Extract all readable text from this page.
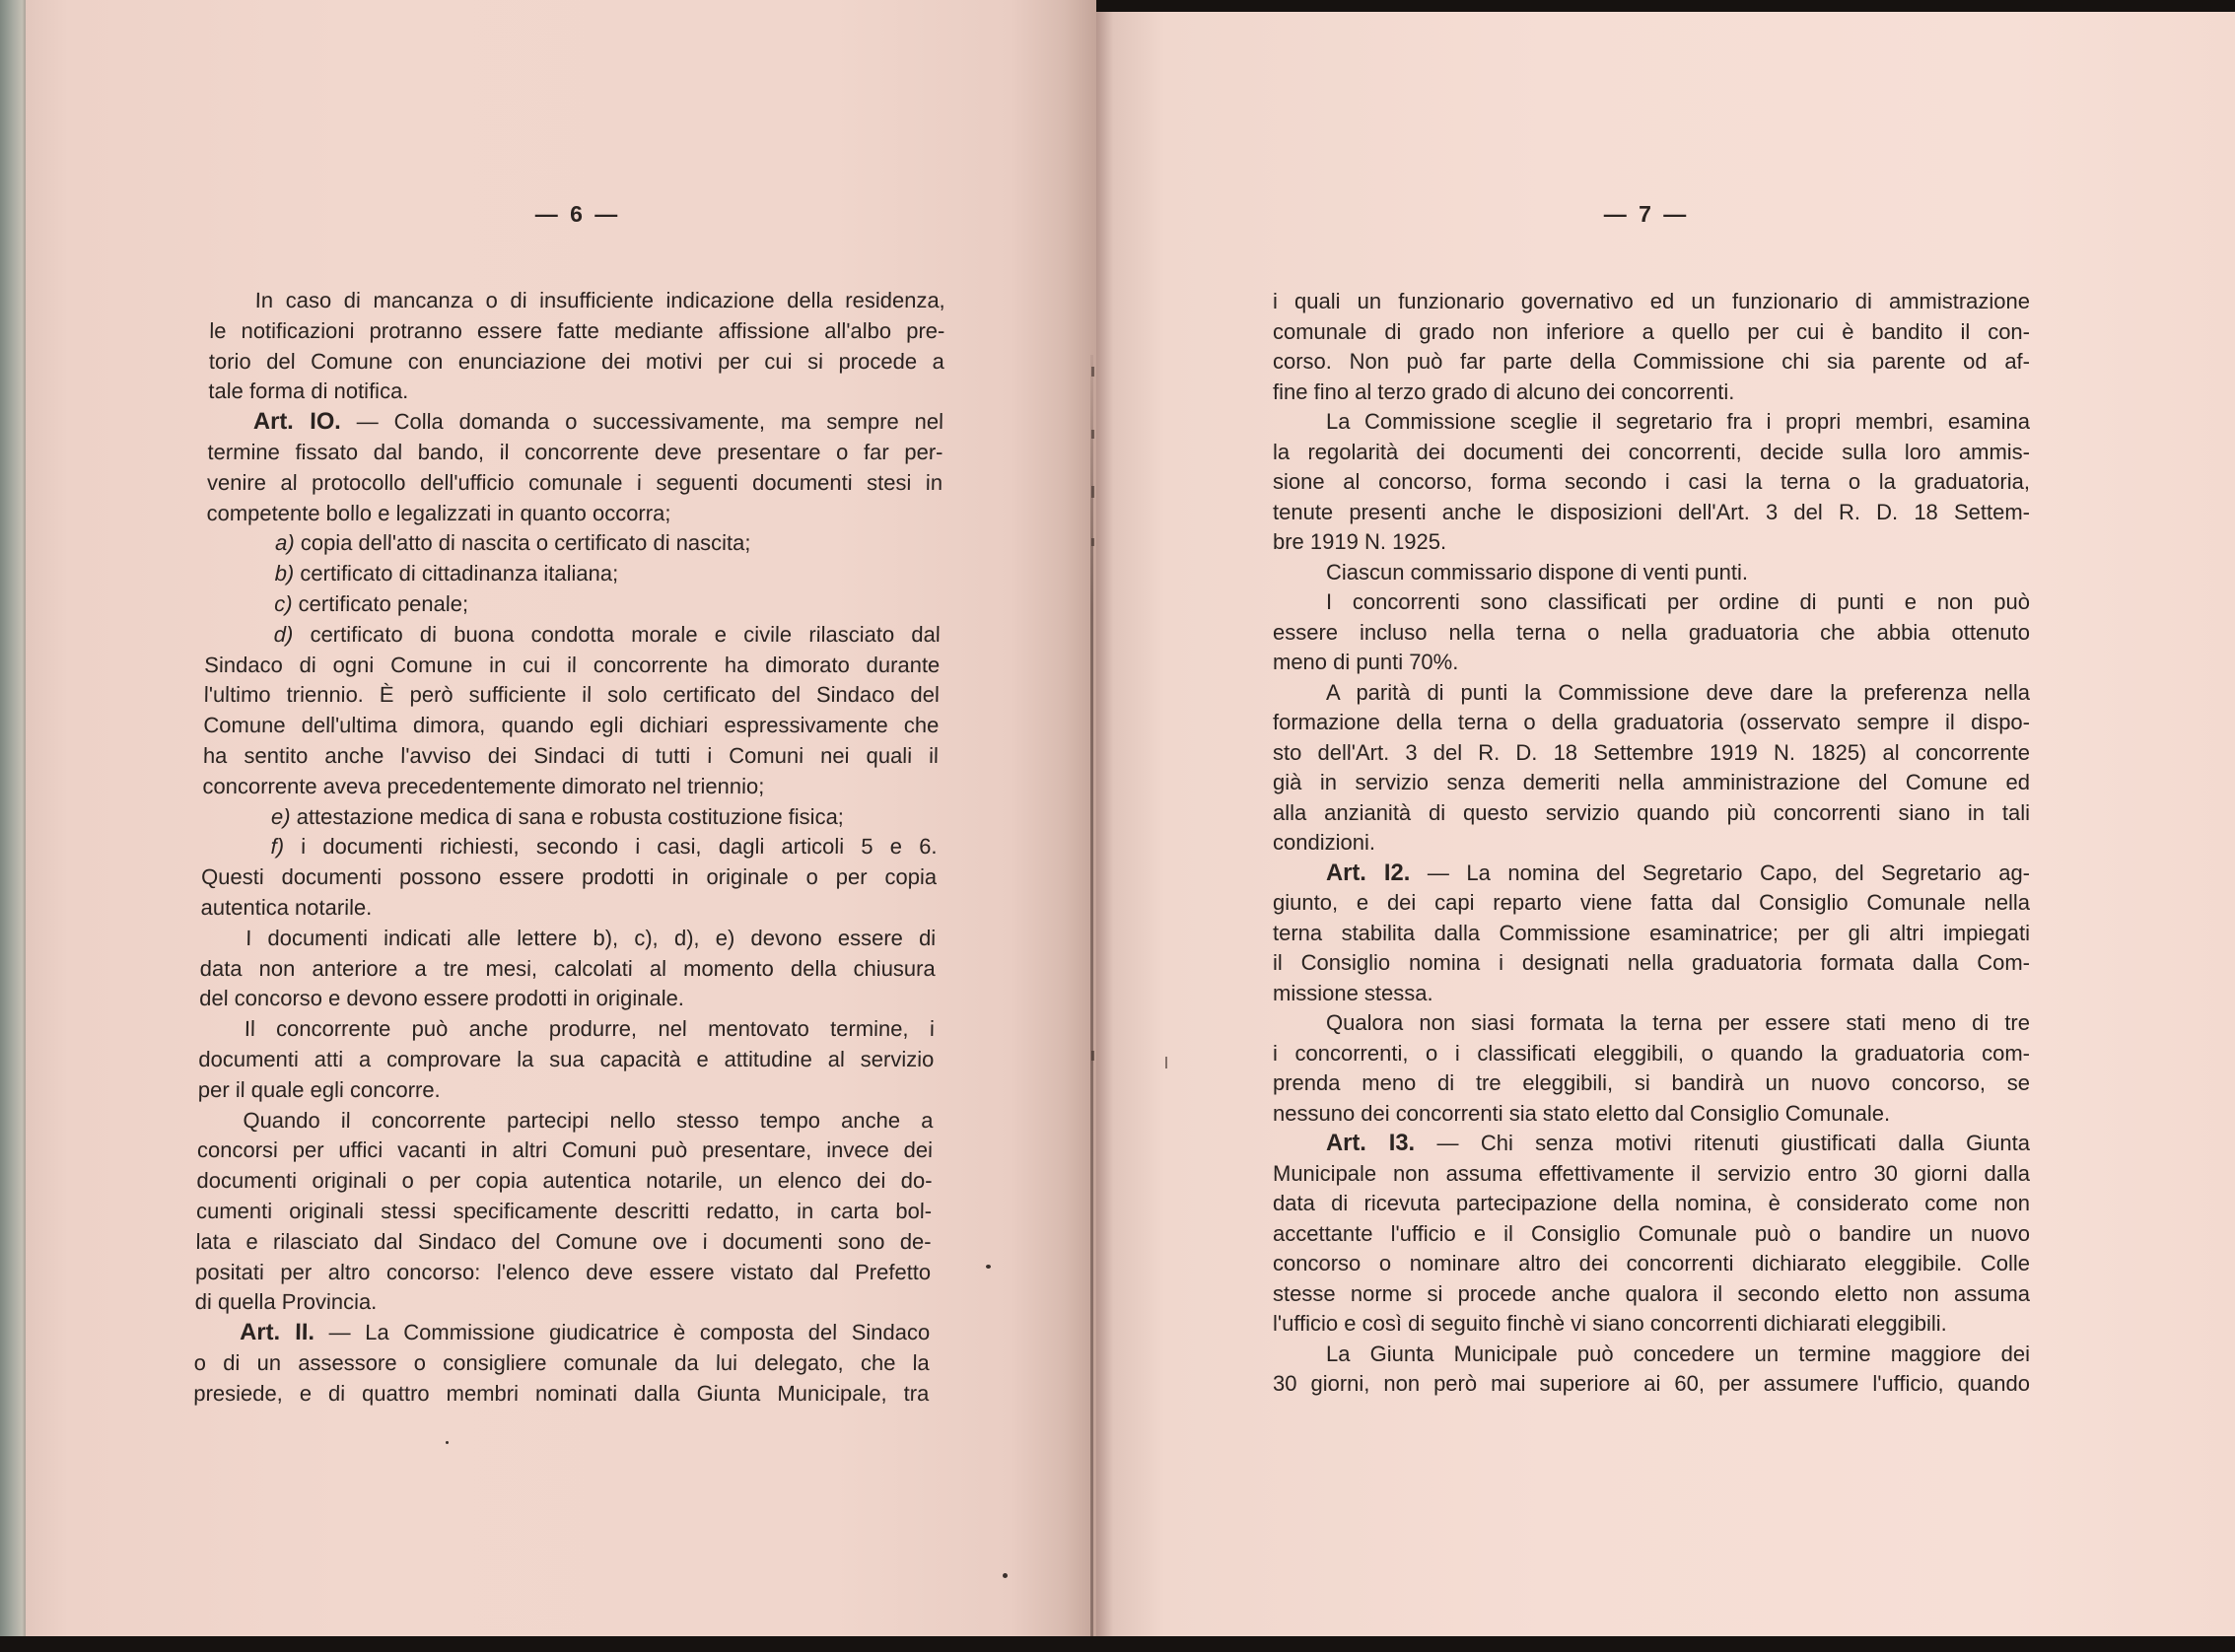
— 6 —	— 7 —
In caso di mancanza o di insufficiente indicazione della residenza,
le notificazioni protranno essere fatte mediante affissione all'albo pre-
torio del Comune con enunciazione dei motivi per cui si procede a
tale forma di notifica.
Art. IO. — Colla domanda o successivamente, ma sempre nel
termine fissato dal bando, il concorrente deve presentare o far per-
venire al protocollo dell'ufficio comunale i seguenti documenti stesi in
competente bollo e legalizzati in quanto occorra;
a) copia dell'atto di nascita o certificato di nascita;
b) certificato di cittadinanza italiana;
c) certificato penale;
d) certificato di buona condotta morale e civile rilasciato dal
Sindaco di ogni Comune in cui il concorrente ha dimorato durante
l'ultimo triennio. È però sufficiente il solo certificato del Sindaco del
Comune dell'ultima dimora, quando egli dichiari espressivamente che
ha sentito anche l'avviso dei Sindaci di tutti i Comuni nei quali il
concorrente aveva precedentemente dimorato nel triennio;
e) attestazione medica di sana e robusta costituzione fisica;
f) i documenti richiesti, secondo i casi, dagli articoli 5 e 6.
Questi documenti possono essere prodotti in originale o per copia
autentica notarile.
I documenti indicati alle lettere b), c), d), e) devono essere di
data non anteriore a tre mesi, calcolati al momento della chiusura
del concorso e devono essere prodotti in originale.
Il concorrente può anche produrre, nel mentovato termine, i
documenti atti a comprovare la sua capacità e attitudine al servizio
per il quale egli concorre.
Quando il concorrente partecipi nello stesso tempo anche a
concorsi per uffici vacanti in altri Comuni può presentare, invece dei
documenti originali o per copia autentica notarile, un elenco dei do-
cumenti originali stessi specificamente descritti redatto, in carta bol-
lata e rilasciato dal Sindaco del Comune ove i documenti sono de-
positati per altro concorso: l'elenco deve essere vistato dal Prefetto
di quella Provincia.
Art. II. — La Commissione giudicatrice è composta del Sindaco
o di un assessore o consigliere comunale da lui delegato, che la
presiede, e di quattro membri nominati dalla Giunta Municipale, tra
i quali un funzionario governativo ed un funzionario di ammistrazione
comunale di grado non inferiore a quello per cui è bandito il con-
corso. Non può far parte della Commissione chi sia parente od af-
fine fino al terzo grado di alcuno dei concorrenti.
La Commissione sceglie il segretario fra i propri membri, esamina
la regolarità dei documenti dei concorrenti, decide sulla loro ammis-
sione al concorso, forma secondo i casi la terna o la graduatoria,
tenute presenti anche le disposizioni dell'Art. 3 del R. D. 18 Settem-
bre 1919 N. 1925.
Ciascun commissario dispone di venti punti.
I concorrenti sono classificati per ordine di punti e non può
essere incluso nella terna o nella graduatoria che abbia ottenuto
meno di punti 70%.
A parità di punti la Commissione deve dare la preferenza nella
formazione della terna o della graduatoria (osservato sempre il dispo-
sto dell'Art. 3 del R. D. 18 Settembre 1919 N. 1825) al concorrente
già in servizio senza demeriti nella amministrazione del Comune ed
alla anzianità di questo servizio quando più concorrenti siano in tali
condizioni.
Art. I2. — La nomina del Segretario Capo, del Segretario ag-
giunto, e dei capi reparto viene fatta dal Consiglio Comunale nella
terna stabilita dalla Commissione esaminatrice; per gli altri impiegati
il Consiglio nomina i designati nella graduatoria formata dalla Com-
missione stessa.
Qualora non siasi formata la terna per essere stati meno di tre
i concorrenti, o i classificati eleggibili, o quando la graduatoria com-
prenda meno di tre eleggibili, si bandirà un nuovo concorso, se
nessuno dei concorrenti sia stato eletto dal Consiglio Comunale.
Art. I3. — Chi senza motivi ritenuti giustificati dalla Giunta
Municipale non assuma effettivamente il servizio entro 30 giorni dalla
data di ricevuta partecipazione della nomina, è considerato come non
accettante l'ufficio e il Consiglio Comunale può o bandire un nuovo
concorso o nominare altro dei concorrenti dichiarato eleggibile. Colle
stesse norme si procede anche qualora il secondo eletto non assuma
l'ufficio e così di seguito finchè vi siano concorrenti dichiarati eleggibili.
La Giunta Municipale può concedere un termine maggiore dei
30 giorni, non però mai superiore ai 60, per assumere l'ufficio, quando
